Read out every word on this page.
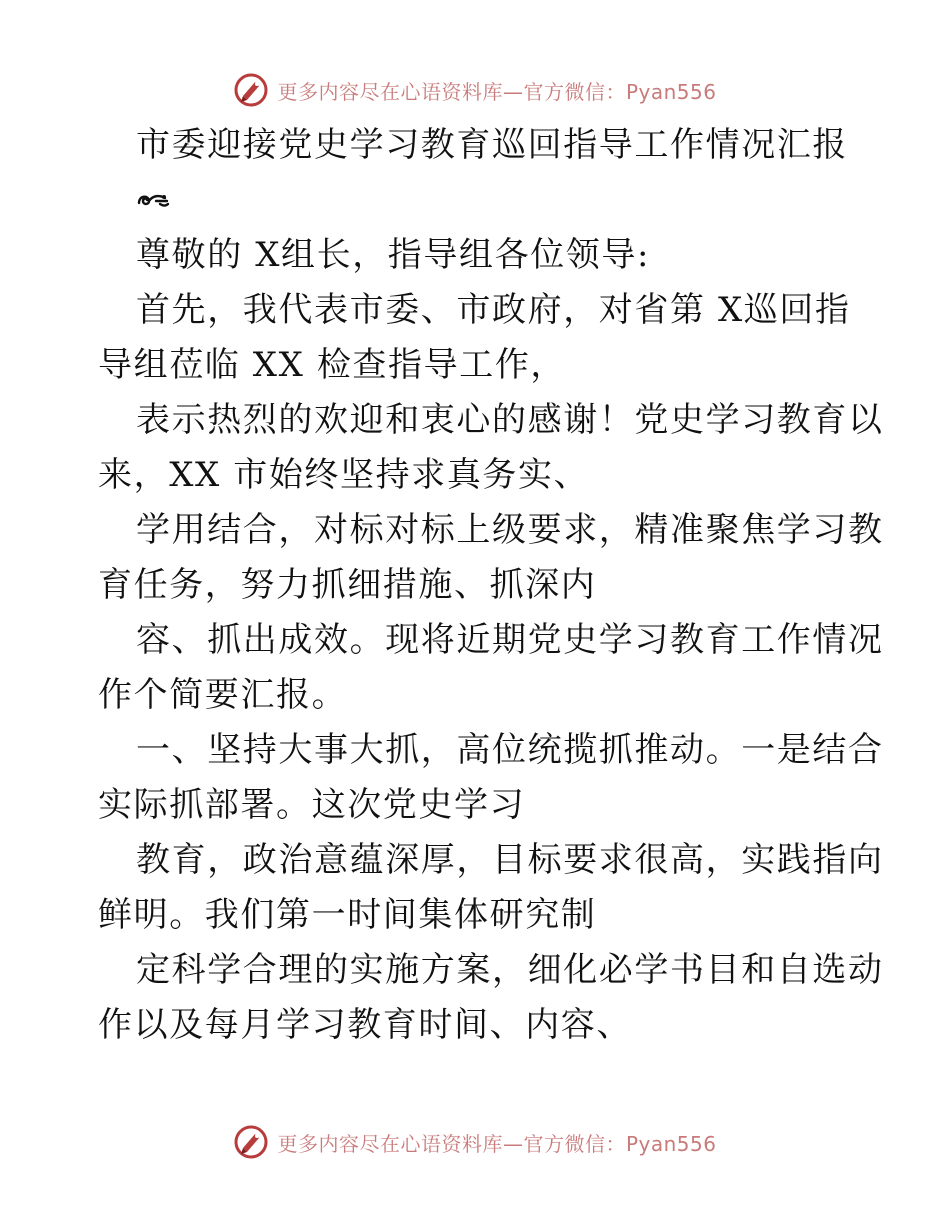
更多内容尽在心语资料库—官方微信：Pyan556
市委迎接党史学习教育巡回指导工作情况汇报
尊敬的 X组长，指导组各位领导:
首先，我代表市委、市政府，对省第 X巡回指
导组莅临 XX 检查指导工作，
表示热烈的欢迎和衷心的感谢！党史学习教育以
来，XX 市始终坚持求真务实、
学用结合，对标对标上级要求，精准聚焦学习教
育任务，努力抓细措施、抓深内
容、抓出成效。现将近期党史学习教育工作情况
作个简要汇报。
一、坚持大事大抓，高位统揽抓推动。一是结合
实际抓部署。这次党史学习
教育，政治意蕴深厚，目标要求很高，实践指向
鲜明。我们第一时间集体研究制
定科学合理的实施方案，细化必学书目和自选动
作以及每月学习教育时间、内容、
更多内容尽在心语资料库—官方微信：Pyan556
